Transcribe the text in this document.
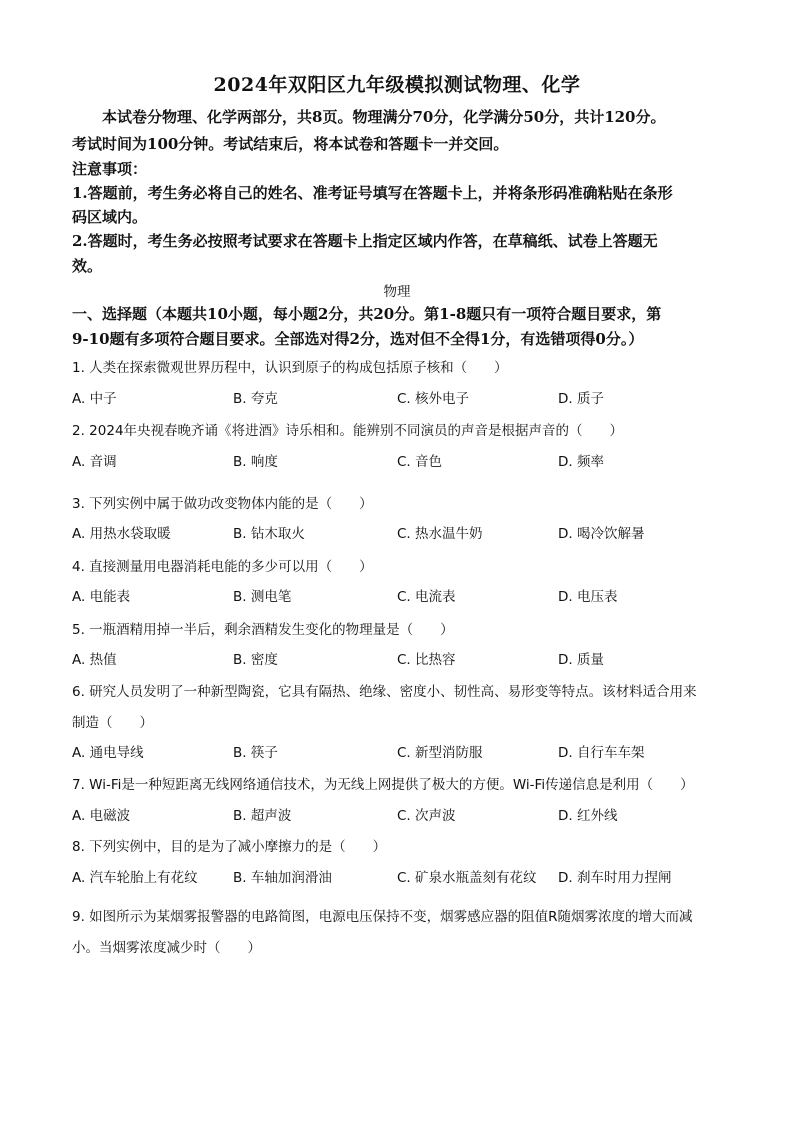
2024年双阳区九年级模拟测试物理、化学
本试卷分物理、化学两部分，共8页。物理满分70分，化学满分50分，共计120分。
考试时间为100分钟。考试结束后，将本试卷和答题卡一并交回。
注意事项：
1.答题前，考生务必将自己的姓名、准考证号填写在答题卡上，并将条形码准确粘贴在条形
码区域内。
2.答题时，考生务必按照考试要求在答题卡上指定区域内作答，在草稿纸、试卷上答题无
效。
物理
一、选择题（本题共10小题，每小题2分，共20分。第1-8题只有一项符合题目要求，第
9-10题有多项符合题目要求。全部选对得2分，选对但不全得1分，有选错项得0分。）
1. 人类在探索微观世界历程中，认识到原子的构成包括原子核和（　　）
A. 中子	B. 夸克	C. 核外电子	D. 质子
2. 2024年央视春晚齐诵《将进酒》诗乐相和。能辨别不同演员的声音是根据声音的（　　）
A. 音调	B. 响度	C. 音色	D. 频率
3. 下列实例中属于做功改变物体内能的是（　　）
A. 用热水袋取暖	B. 钻木取火	C. 热水温牛奶	D. 喝冷饮解暑
4. 直接测量用电器消耗电能的多少可以用（　　）
A. 电能表	B. 测电笔	C. 电流表	D. 电压表
5. 一瓶酒精用掉一半后，剩余酒精发生变化的物理量是（　　）
A. 热值	B. 密度	C. 比热容	D. 质量
6. 研究人员发明了一种新型陶瓷，它具有隔热、绝缘、密度小、韧性高、易形变等特点。该材料适合用来
制造（　　）
A. 通电导线	B. 筷子	C. 新型消防服	D. 自行车车架
7. Wi-Fi是一种短距离无线网络通信技术，为无线上网提供了极大的方便。Wi-Fi传递信息是利用（　　）
A. 电磁波	B. 超声波	C. 次声波	D. 红外线
8. 下列实例中，目的是为了减小摩擦力的是（　　）
A. 汽车轮胎上有花纹	B. 车轴加润滑油	C. 矿泉水瓶盖刻有花纹 D. 刹车时用力捏闸
9. 如图所示为某烟雾报警器的电路简图，电源电压保持不变，烟雾感应器的阻值R随烟雾浓度的增大而减
小。当烟雾浓度减少时（　　）
